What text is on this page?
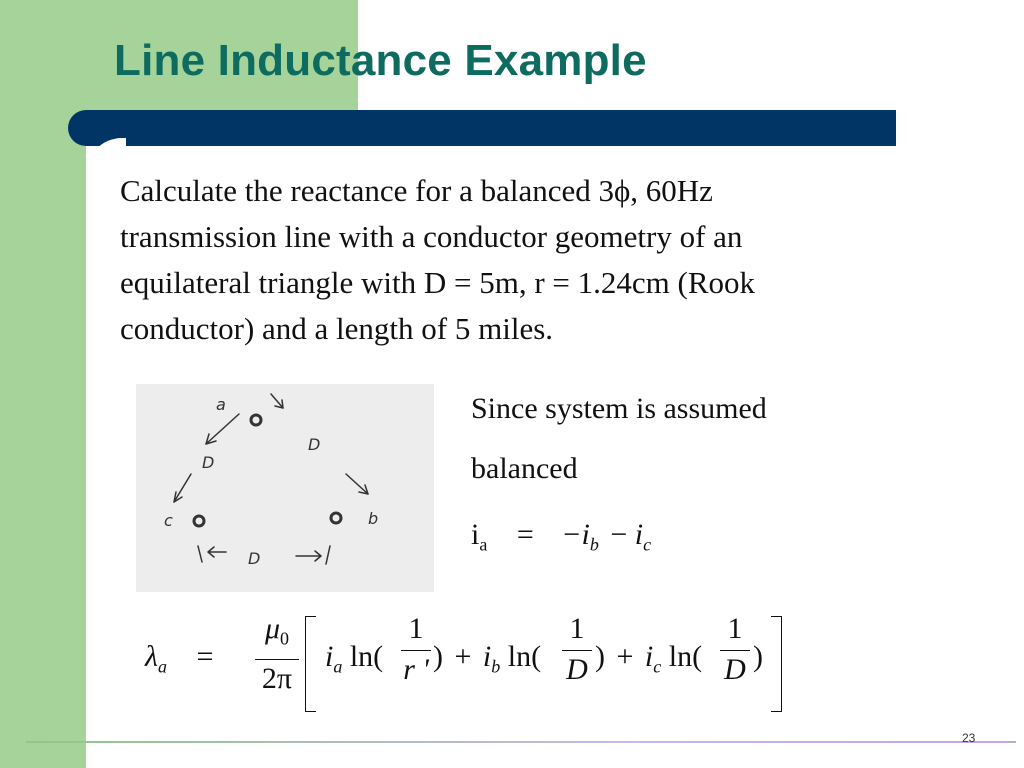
Line Inductance Example

Calculate the reactance for a balanced 3ϕ, 60Hz

transmission line with a conductor geometry of an

equilateral triangle with D = 5m, r = 1.24cm (Rook

conductor) and a length of 5 miles.

a
b
c
D
D
D
Since system is assumed
balanced
$i_a = -i_b - i_c$
$\lambda_a$ =
$\mu_0$
2π
$i_a$ ln(
1
r ' ) + $i_b$ ln(
1
D ) + $i_c$ ln(
1
D )
23
